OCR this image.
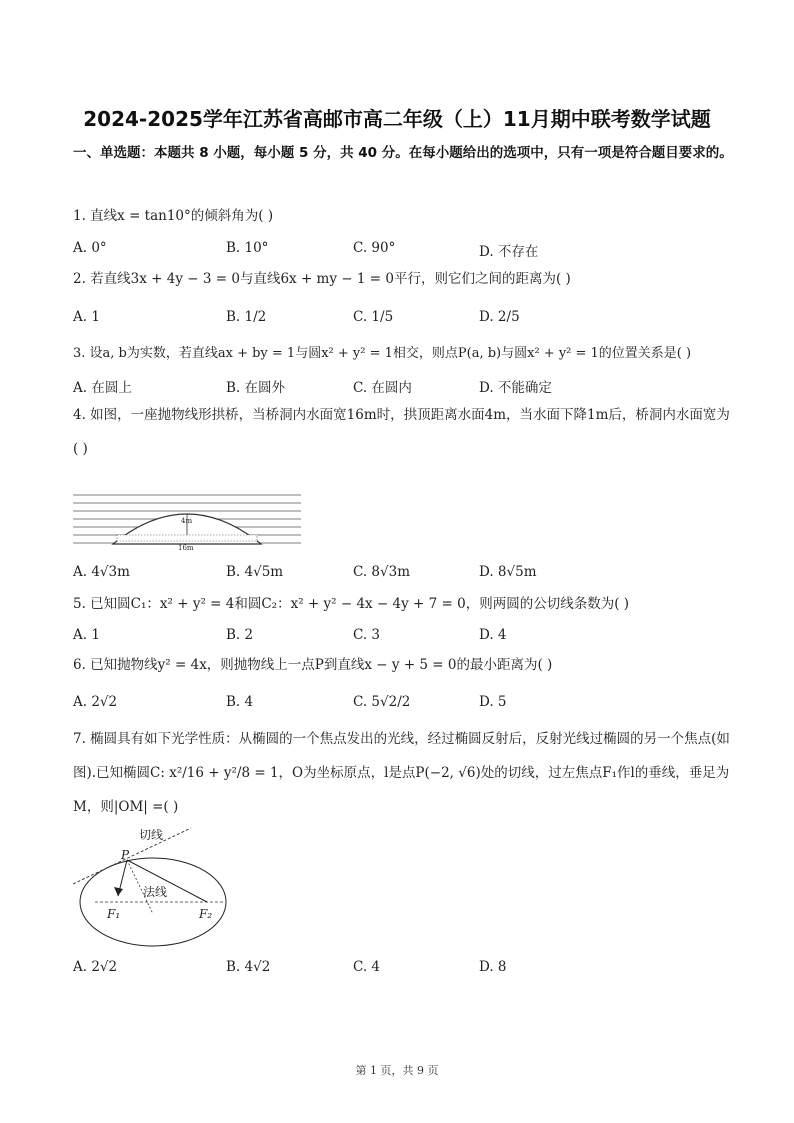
2024-2025学年江苏省高邮市高二年级（上）11月期中联考数学试题
一、单选题：本题共 8 小题，每小题 5 分，共 40 分。在每小题给出的选项中，只有一项是符合题目要求的。
1. 直线x = tan10°的倾斜角为( )
A. 0°	B. 10°	C. 90°	D. 不存在
2. 若直线3x + 4y − 3 = 0与直线6x + my − 1 = 0平行，则它们之间的距离为( )
A. 1	B. 1/2	C. 1/5	D. 2/5
3. 设a, b为实数，若直线ax + by = 1与圆x² + y² = 1相交，则点P(a, b)与圆x² + y² = 1的位置关系是( )
A. 在圆上	B. 在圆外	C. 在圆内	D. 不能确定
4. 如图，一座抛物线形拱桥，当桥洞内水面宽16m时，拱顶距离水面4m，当水面下降1m后，桥洞内水面宽为( )
4m
16m
A. 4√3m	B. 4√5m	C. 8√3m	D. 8√5m
5. 已知圆C₁：x² + y² = 4和圆C₂：x² + y² − 4x − 4y + 7 = 0，则两圆的公切线条数为( )
A. 1	B. 2	C. 3	D. 4
6. 已知抛物线y² = 4x，则抛物线上一点P到直线x − y + 5 = 0的最小距离为( )
A. 2√2	B. 4	C. 5√2/2	D. 5
7. 椭圆具有如下光学性质：从椭圆的一个焦点发出的光线，经过椭圆反射后，反射光线过椭圆的另一个焦点(如图).已知椭圆C: x²/16 + y²/8 = 1，O为坐标原点，l是点P(−2, √6)处的切线，过左焦点F₁作l的垂线，垂足为M，则|OM| =( )
切线
P
法线
F₁	F₂
A. 2√2	B. 4√2	C. 4	D. 8
第 1 页，共 9 页
